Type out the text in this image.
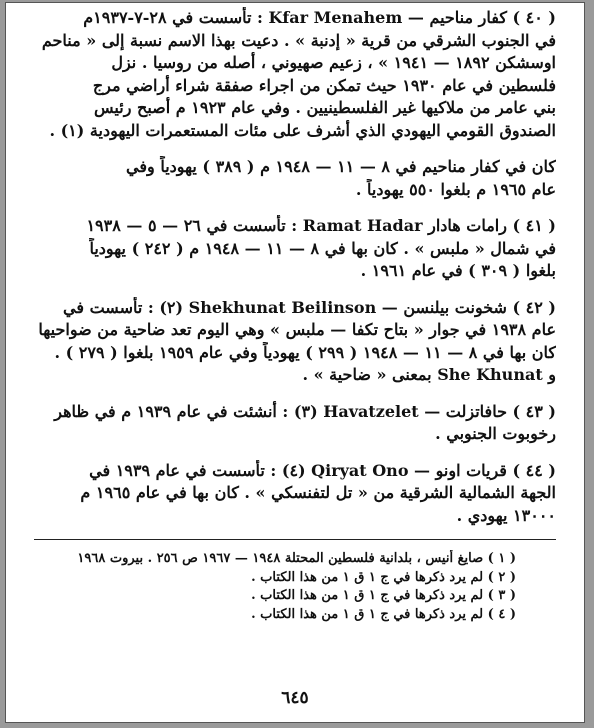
( ٤٠ ) كفار مناحيم — Kfar Menahem : تأسست في ٢٨-٧-١٩٣٧م
في الجنوب الشرقي من قرية « إدنبة » . دعيت بهذا الاسم نسبة إلى « مناحم
اوسشكن ١٨٩٢ — ١٩٤١ » ، زعيم صهيوني ، أصله من روسيا . نزل
فلسطين في عام ١٩٣٠ حيث تمكن من اجراء صفقة شراء أراضي مرج
بني عامر من ملاكيها غير الفلسطينيين . وفي عام ١٩٢٣ م أصبح رئيس
الصندوق القومي اليهودي الذي أشرف على مئات المستعمرات اليهودية (١) .
كان في كفار مناحيم في ٨ — ١١ — ١٩٤٨ م ( ٣٨٩ ) يهودياً وفي
عام ١٩٦٥ م بلغوا ٥٥٠ يهودياً .
( ٤١ ) رامات هادار Ramat Hadar : تأسست في ٢٦ — ٥ — ١٩٣٨
في شمال « ملبس » . كان بها في ٨ — ١١ — ١٩٤٨ م ( ٢٤٢ ) يهودياً
بلغوا ( ٣٠٩ ) في عام ١٩٦١ .
( ٤٢ ) شخونت بيلنسن — Shekhunat Beilinson (٢) : تأسست في
عام ١٩٣٨ في جوار « بتاح تكفا — ملبس » وهي اليوم تعد ضاحية من ضواحيها
كان بها في ٨ — ١١ — ١٩٤٨ ( ٢٩٩ ) يهودياً وفي عام ١٩٥٩ بلغوا ( ٢٧٩ ) .
و She Khunat بمعنى « ضاحية » .
( ٤٣ ) حافاتزلت — Havatzelet (٣) : أنشئت في عام ١٩٣٩ م في ظاهر
رخوبوت الجنوبي .
( ٤٤ ) قريات اونو — Qiryat Ono (٤) : تأسست في عام ١٩٣٩ في
الجهة الشمالية الشرقية من « تل لتفنسكي » . كان بها في عام ١٩٦٥ م
١٣٠٠٠ يهودي .
( ١ ) صايغ أنيس ، بلدانية فلسطين المحتلة ١٩٤٨ — ١٩٦٧ ص ٢٥٦ . بيروت ١٩٦٨
( ٢ ) لم يرد ذكرها في ج ١ ق ١ من هذا الكتاب .
( ٣ ) لم يرد ذكرها في ج ١ ق ١ من هذا الكتاب .
( ٤ ) لم يرد ذكرها في ج ١ ق ١ من هذا الكتاب .
٦٤٥
